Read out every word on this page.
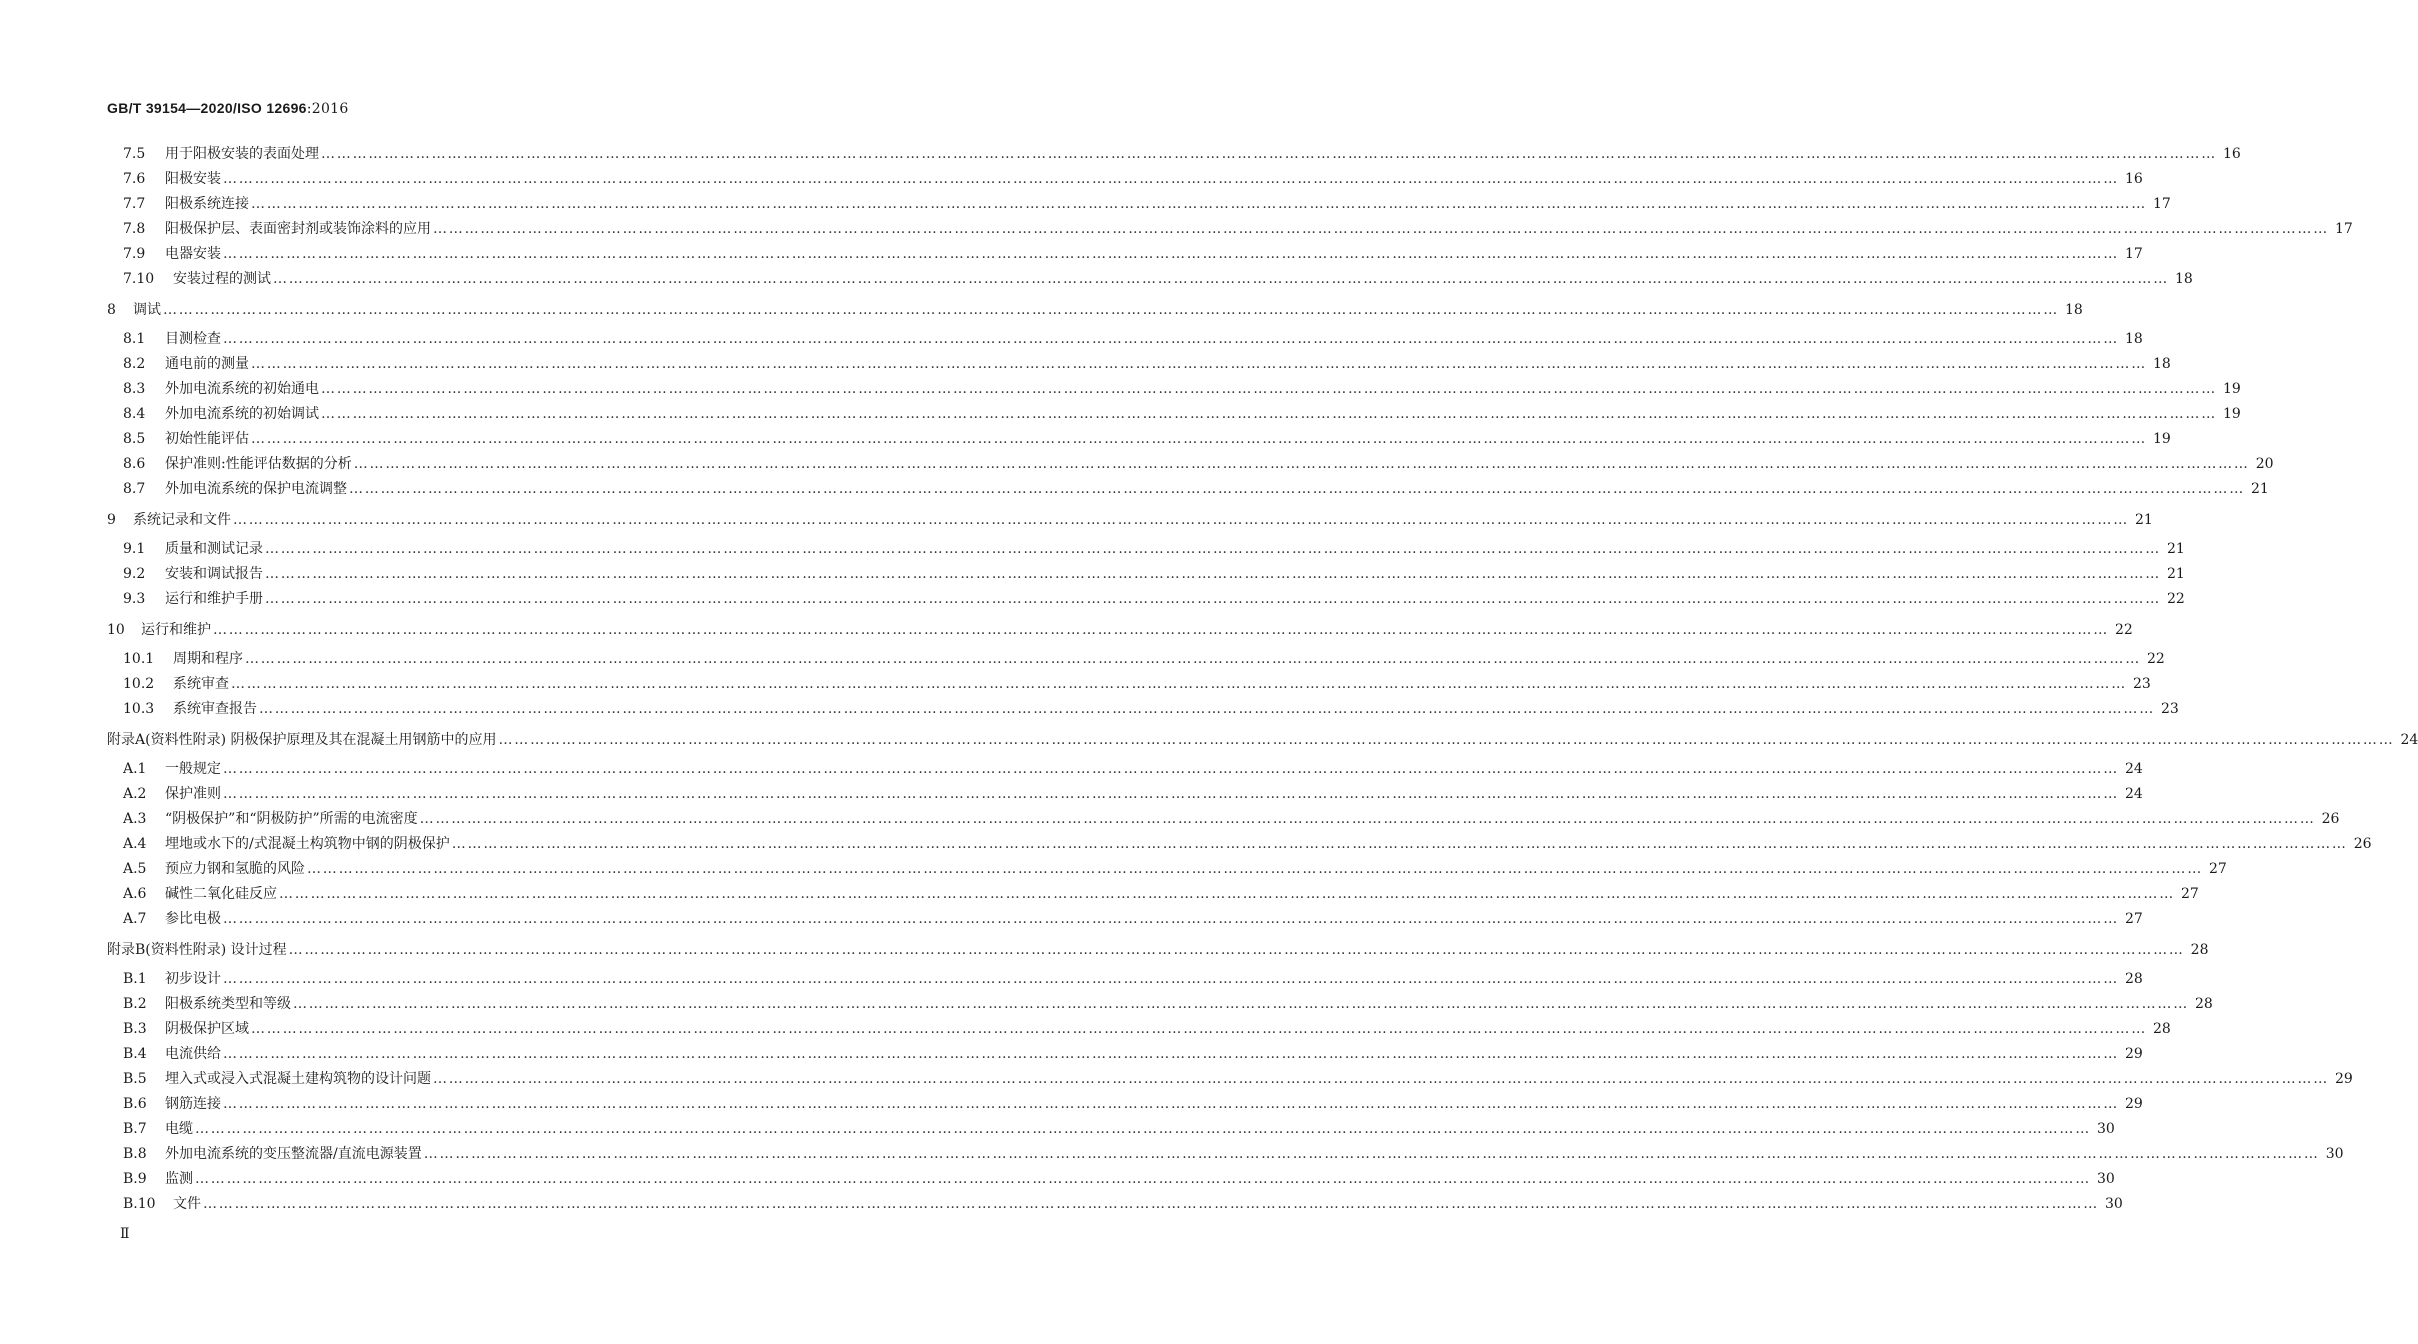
GB/T 39154—2020/ISO 12696:2016
7.5	用于阳极安装的表面处理 ……………………………………………………………………………………………………………………………………………………………………………………………………………………………………………………………………………………………………………………………… 16
7.6	阳极安装 ……………………………………………………………………………………………………………………………………………………………………………………………………………………………………………………………………………………………………………………………… 16
7.7	阳极系统连接 ……………………………………………………………………………………………………………………………………………………………………………………………………………………………………………………………………………………………………………………………… 17
7.8	阳极保护层、表面密封剂或装饰涂料的应用 ……………………………………………………………………………………………………………………………………………………………………………………………………………………………………………………………………………………………………………………………… 17
7.9	电器安装 ……………………………………………………………………………………………………………………………………………………………………………………………………………………………………………………………………………………………………………………………… 17
7.10	安装过程的测试 ……………………………………………………………………………………………………………………………………………………………………………………………………………………………………………………………………………………………………………………………… 18
8	调试 ……………………………………………………………………………………………………………………………………………………………………………………………………………………………………………………………………………………………………………………………… 18
8.1	目测检查 ……………………………………………………………………………………………………………………………………………………………………………………………………………………………………………………………………………………………………………………………… 18
8.2	通电前的测量 ……………………………………………………………………………………………………………………………………………………………………………………………………………………………………………………………………………………………………………………………… 18
8.3	外加电流系统的初始通电 ……………………………………………………………………………………………………………………………………………………………………………………………………………………………………………………………………………………………………………………………… 19
8.4	外加电流系统的初始调试 ……………………………………………………………………………………………………………………………………………………………………………………………………………………………………………………………………………………………………………………………… 19
8.5	初始性能评估 ……………………………………………………………………………………………………………………………………………………………………………………………………………………………………………………………………………………………………………………………… 19
8.6	保护准则:性能评估数据的分析 ……………………………………………………………………………………………………………………………………………………………………………………………………………………………………………………………………………………………………………………………… 20
8.7	外加电流系统的保护电流调整 ……………………………………………………………………………………………………………………………………………………………………………………………………………………………………………………………………………………………………………………………… 21
9	系统记录和文件 ……………………………………………………………………………………………………………………………………………………………………………………………………………………………………………………………………………………………………………………………… 21
9.1	质量和测试记录 ……………………………………………………………………………………………………………………………………………………………………………………………………………………………………………………………………………………………………………………………… 21
9.2	安装和调试报告 ……………………………………………………………………………………………………………………………………………………………………………………………………………………………………………………………………………………………………………………………… 21
9.3	运行和维护手册 ……………………………………………………………………………………………………………………………………………………………………………………………………………………………………………………………………………………………………………………………… 22
10	运行和维护 ……………………………………………………………………………………………………………………………………………………………………………………………………………………………………………………………………………………………………………………………… 22
10.1	周期和程序 ……………………………………………………………………………………………………………………………………………………………………………………………………………………………………………………………………………………………………………………………… 22
10.2	系统审查 ……………………………………………………………………………………………………………………………………………………………………………………………………………………………………………………………………………………………………………………………… 23
10.3	系统审查报告 ……………………………………………………………………………………………………………………………………………………………………………………………………………………………………………………………………………………………………………………………… 23
附录A (资料性附录) 阴极保护原理及其在混凝土用钢筋中的应用 ……………………………………………………………………………………………………………………………………………………………………………………………………………………………………………………………………………………………………………………………… 24
A.1	一般规定 ……………………………………………………………………………………………………………………………………………………………………………………………………………………………………………………………………………………………………………………………… 24
A.2	保护准则 ……………………………………………………………………………………………………………………………………………………………………………………………………………………………………………………………………………………………………………………………… 24
A.3	“阴极保护”和“阴极防护”所需的电流密度 ……………………………………………………………………………………………………………………………………………………………………………………………………………………………………………………………………………………………………………………………… 26
A.4	埋地或水下的/式混凝土构筑物中钢的阴极保护 ……………………………………………………………………………………………………………………………………………………………………………………………………………………………………………………………………………………………………………………………… 26
A.5	预应力钢和氢脆的风险 ……………………………………………………………………………………………………………………………………………………………………………………………………………………………………………………………………………………………………………………………… 27
A.6	碱性二氧化硅反应 ……………………………………………………………………………………………………………………………………………………………………………………………………………………………………………………………………………………………………………………………… 27
A.7	参比电极 ……………………………………………………………………………………………………………………………………………………………………………………………………………………………………………………………………………………………………………………………… 27
附录B (资料性附录) 设计过程 ……………………………………………………………………………………………………………………………………………………………………………………………………………………………………………………………………………………………………………………………… 28
B.1	初步设计 ……………………………………………………………………………………………………………………………………………………………………………………………………………………………………………………………………………………………………………………………… 28
B.2	阳极系统类型和等级 ……………………………………………………………………………………………………………………………………………………………………………………………………………………………………………………………………………………………………………………………… 28
B.3	阴极保护区域 ……………………………………………………………………………………………………………………………………………………………………………………………………………………………………………………………………………………………………………………………… 28
B.4	电流供给 ……………………………………………………………………………………………………………………………………………………………………………………………………………………………………………………………………………………………………………………………… 29
B.5	埋入式或浸入式混凝土建构筑物的设计问题 ……………………………………………………………………………………………………………………………………………………………………………………………………………………………………………………………………………………………………………………………… 29
B.6	钢筋连接 ……………………………………………………………………………………………………………………………………………………………………………………………………………………………………………………………………………………………………………………………… 29
B.7	电缆 ……………………………………………………………………………………………………………………………………………………………………………………………………………………………………………………………………………………………………………………………… 30
B.8	外加电流系统的变压整流器/直流电源装置 ……………………………………………………………………………………………………………………………………………………………………………………………………………………………………………………………………………………………………………………………… 30
B.9	监测 ……………………………………………………………………………………………………………………………………………………………………………………………………………………………………………………………………………………………………………………………… 30
B.10	文件 ……………………………………………………………………………………………………………………………………………………………………………………………………………………………………………………………………………………………………………………………… 30
Ⅱ
